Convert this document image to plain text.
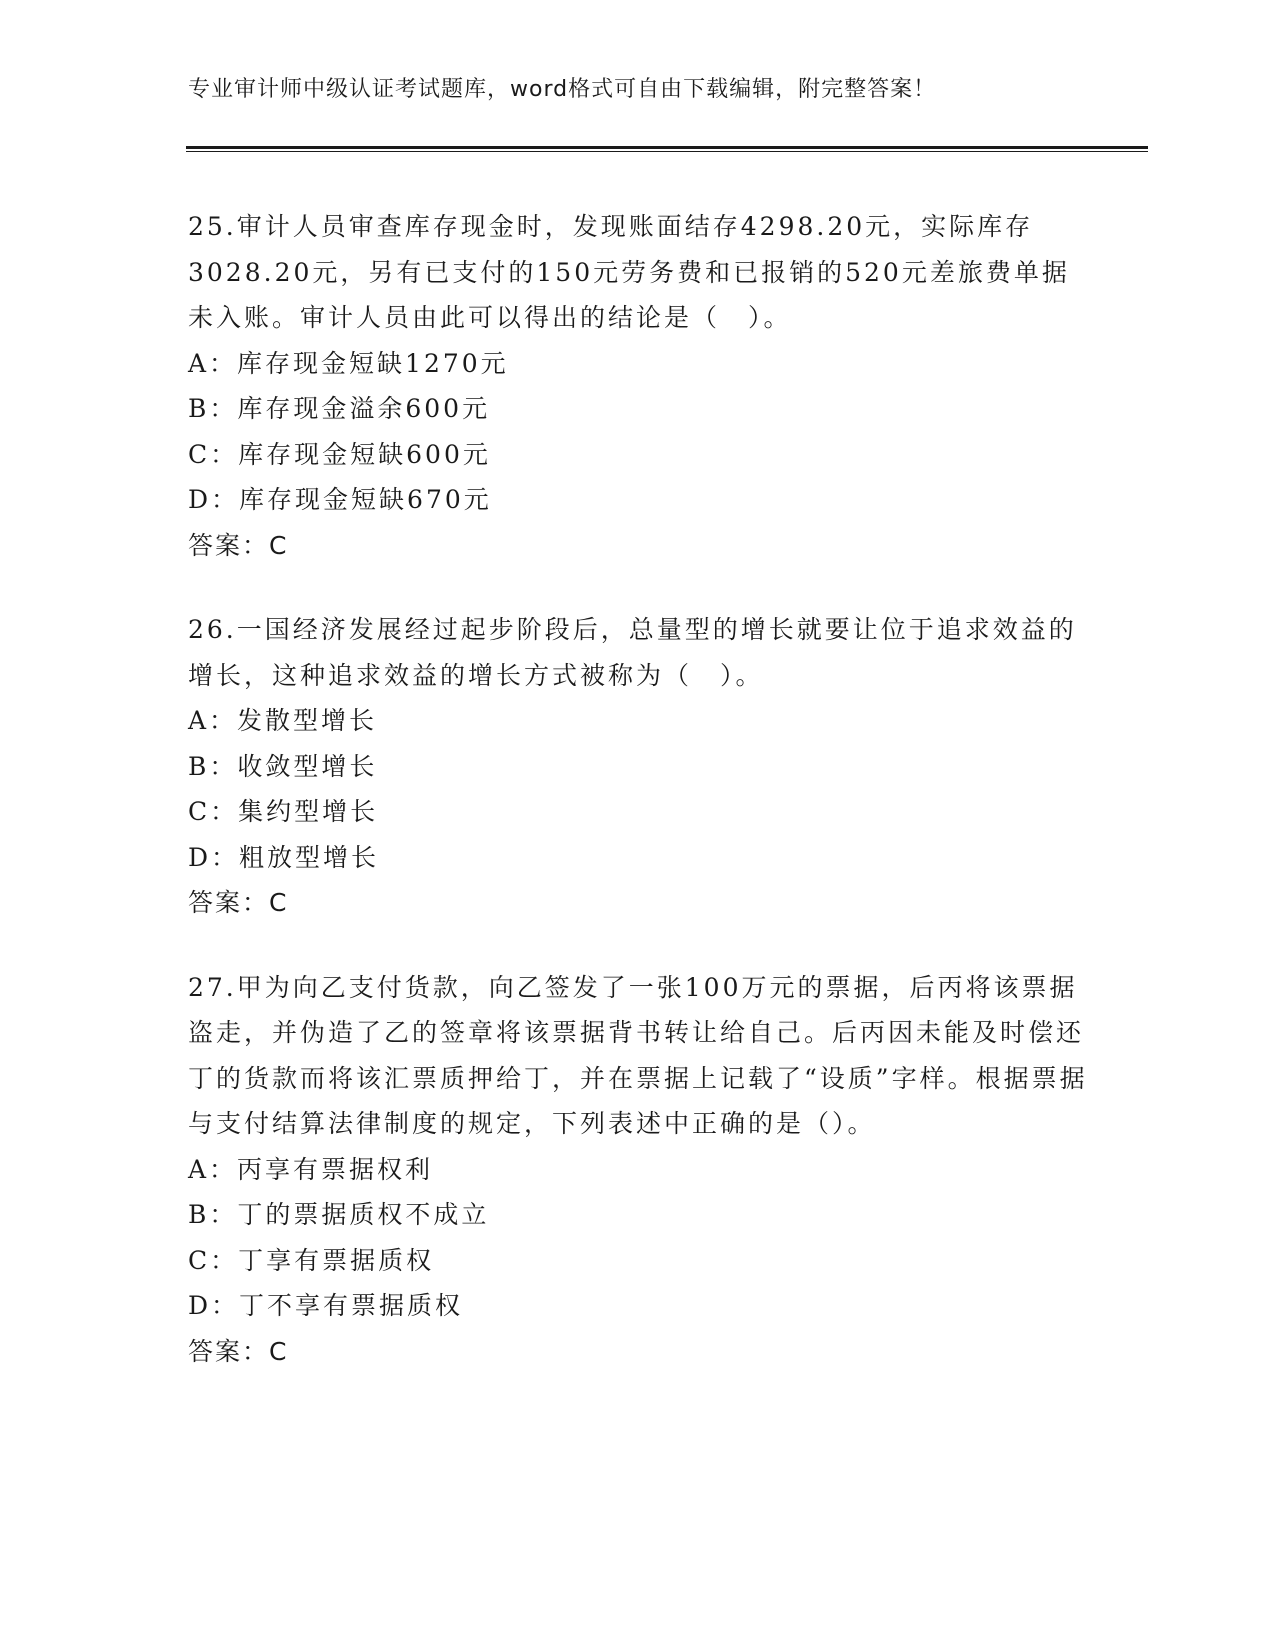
专业审计师中级认证考试题库，word格式可自由下载编辑，附完整答案！

25.审计人员审查库存现金时，发现账面结存4298.20元，实际库存3028.20元，另有已支付的150元劳务费和已报销的520元差旅费单据未入账。审计人员由此可以得出的结论是（　）。

A：库存现金短缺1270元

B：库存现金溢余600元

C：库存现金短缺600元

D：库存现金短缺670元

答案：C

26.一国经济发展经过起步阶段后，总量型的增长就要让位于追求效益的增长，这种追求效益的增长方式被称为（　）。

A：发散型增长

B：收敛型增长

C：集约型增长

D：粗放型增长

答案：C

27.甲为向乙支付货款，向乙签发了一张100万元的票据，后丙将该票据盗走，并伪造了乙的签章将该票据背书转让给自己。后丙因未能及时偿还丁的货款而将该汇票质押给丁，并在票据上记载了“设质”字样。根据票据与支付结算法律制度的规定，下列表述中正确的是（）。

A：丙享有票据权利

B：丁的票据质权不成立

C：丁享有票据质权

D：丁不享有票据质权

答案：C
